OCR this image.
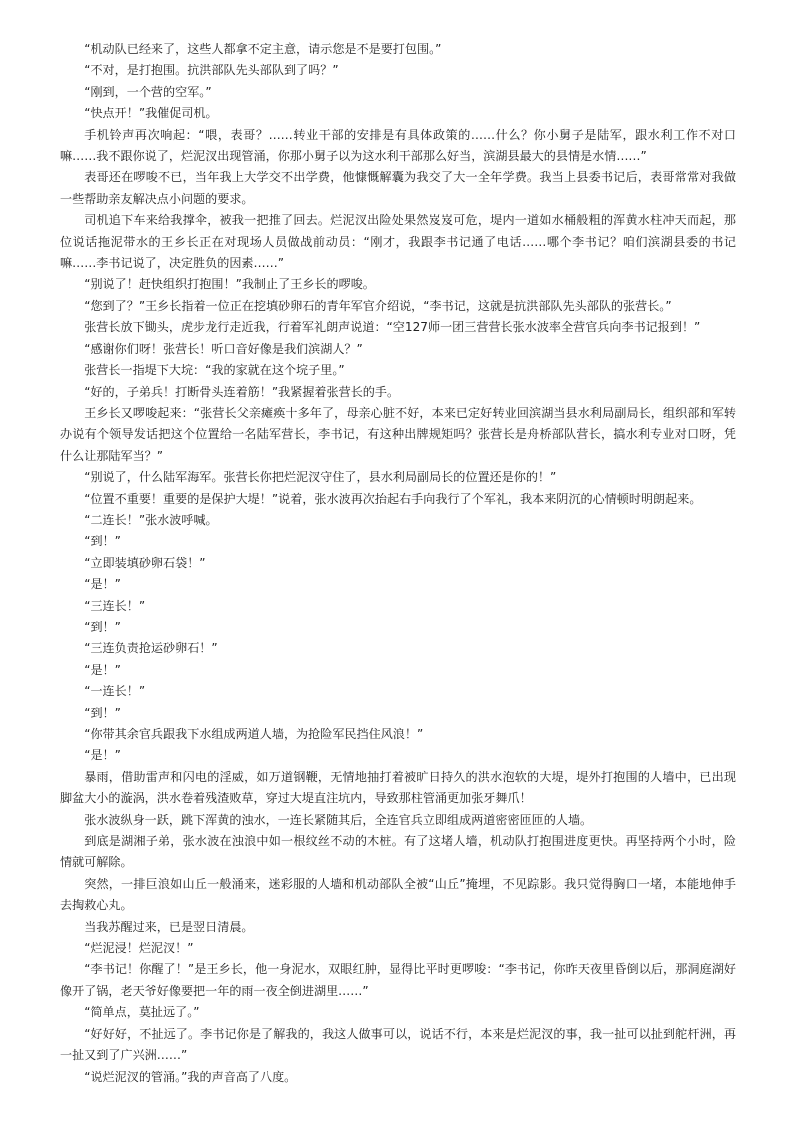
“机动队已经来了，这些人都拿不定主意，请示您是不是要打包围。”

“不对，是打抱围。抗洪部队先头部队到了吗？”

“刚到，一个营的空军。”

“快点开！”我催促司机。

手机铃声再次响起：“喂，表哥？……转业干部的安排是有具体政策的……什么？你小舅子是陆军，跟水利工作不对口嘛……我不跟你说了，烂泥汊出现管涌，你那小舅子以为这水利干部那么好当，滨湖县最大的县情是水情……”

表哥还在啰唆不已，当年我上大学交不出学费，他慷慨解囊为我交了大一全年学费。我当上县委书记后，表哥常常对我做一些帮助亲友解决点小问题的要求。

司机追下车来给我撑伞，被我一把推了回去。烂泥汊出险处果然岌岌可危，堤内一道如水桶般粗的浑黄水柱冲天而起，那位说话拖泥带水的王乡长正在对现场人员做战前动员：“刚才，我跟李书记通了电话……哪个李书记？咱们滨湖县委的书记嘛……李书记说了，决定胜负的因素……”

“别说了！赶快组织打抱围！”我制止了王乡长的啰唆。

“您到了？”王乡长指着一位正在挖填砂卵石的青年军官介绍说，“李书记，这就是抗洪部队先头部队的张营长。”

张营长放下锄头，虎步龙行走近我，行着军礼朗声说道：“空127师一团三营营长张水波率全营官兵向李书记报到！”

“感谢你们呀！张营长！听口音好像是我们滨湖人？”

张营长一指堤下大垸：“我的家就在这个垸子里。”

“好的，子弟兵！打断骨头连着筋！”我紧握着张营长的手。

王乡长又啰唆起来：“张营长父亲瘫痪十多年了，母亲心脏不好，本来已定好转业回滨湖当县水利局副局长，组织部和军转办说有个领导发话把这个位置给一名陆军营长，李书记，有这种出牌规矩吗？张营长是舟桥部队营长，搞水利专业对口呀，凭什么让那陆军当？”

“别说了，什么陆军海军。张营长你把烂泥汊守住了，县水利局副局长的位置还是你的！”

“位置不重要！重要的是保护大堤！”说着，张水波再次抬起右手向我行了个军礼，我本来阴沉的心情顿时明朗起来。

“二连长！”张水波呼喊。

“到！”

“立即装填砂卵石袋！”

“是！”

“三连长！”

“到！”

“三连负责抢运砂卵石！”

“是！”

“一连长！”

“到！”

“你带其余官兵跟我下水组成两道人墙，为抢险军民挡住风浪！”

“是！”

暴雨，借助雷声和闪电的淫威，如万道钢鞭，无情地抽打着被旷日持久的洪水泡软的大堤，堤外打抱围的人墙中，已出现脚盆大小的漩涡，洪水卷着残渣败草，穿过大堤直注坑内，导致那柱管涌更加张牙舞爪！

张水波纵身一跃，跳下浑黄的浊水，一连长紧随其后，全连官兵立即组成两道密密匝匝的人墙。

到底是湖湘子弟，张水波在浊浪中如一根纹丝不动的木桩。有了这堵人墙，机动队打抱围进度更快。再坚持两个小时，险情就可解除。

突然，一排巨浪如山丘一般涌来，迷彩服的人墙和机动部队全被“山丘”掩埋，不见踪影。我只觉得胸口一堵，本能地伸手去掏救心丸。

当我苏醒过来，已是翌日清晨。

“烂泥浸！烂泥汊！”

“李书记！你醒了！”是王乡长，他一身泥水，双眼红肿，显得比平时更啰唆：“李书记，你昨天夜里昏倒以后，那洞庭湖好像开了锅，老天爷好像要把一年的雨一夜全倒进湖里……”

“简单点，莫扯远了。”

“好好好，不扯远了。李书记你是了解我的，我这人做事可以，说话不行，本来是烂泥汊的事，我一扯可以扯到舵杆洲，再一扯又到了广兴洲……”

“说烂泥汊的管涌。”我的声音高了八度。
